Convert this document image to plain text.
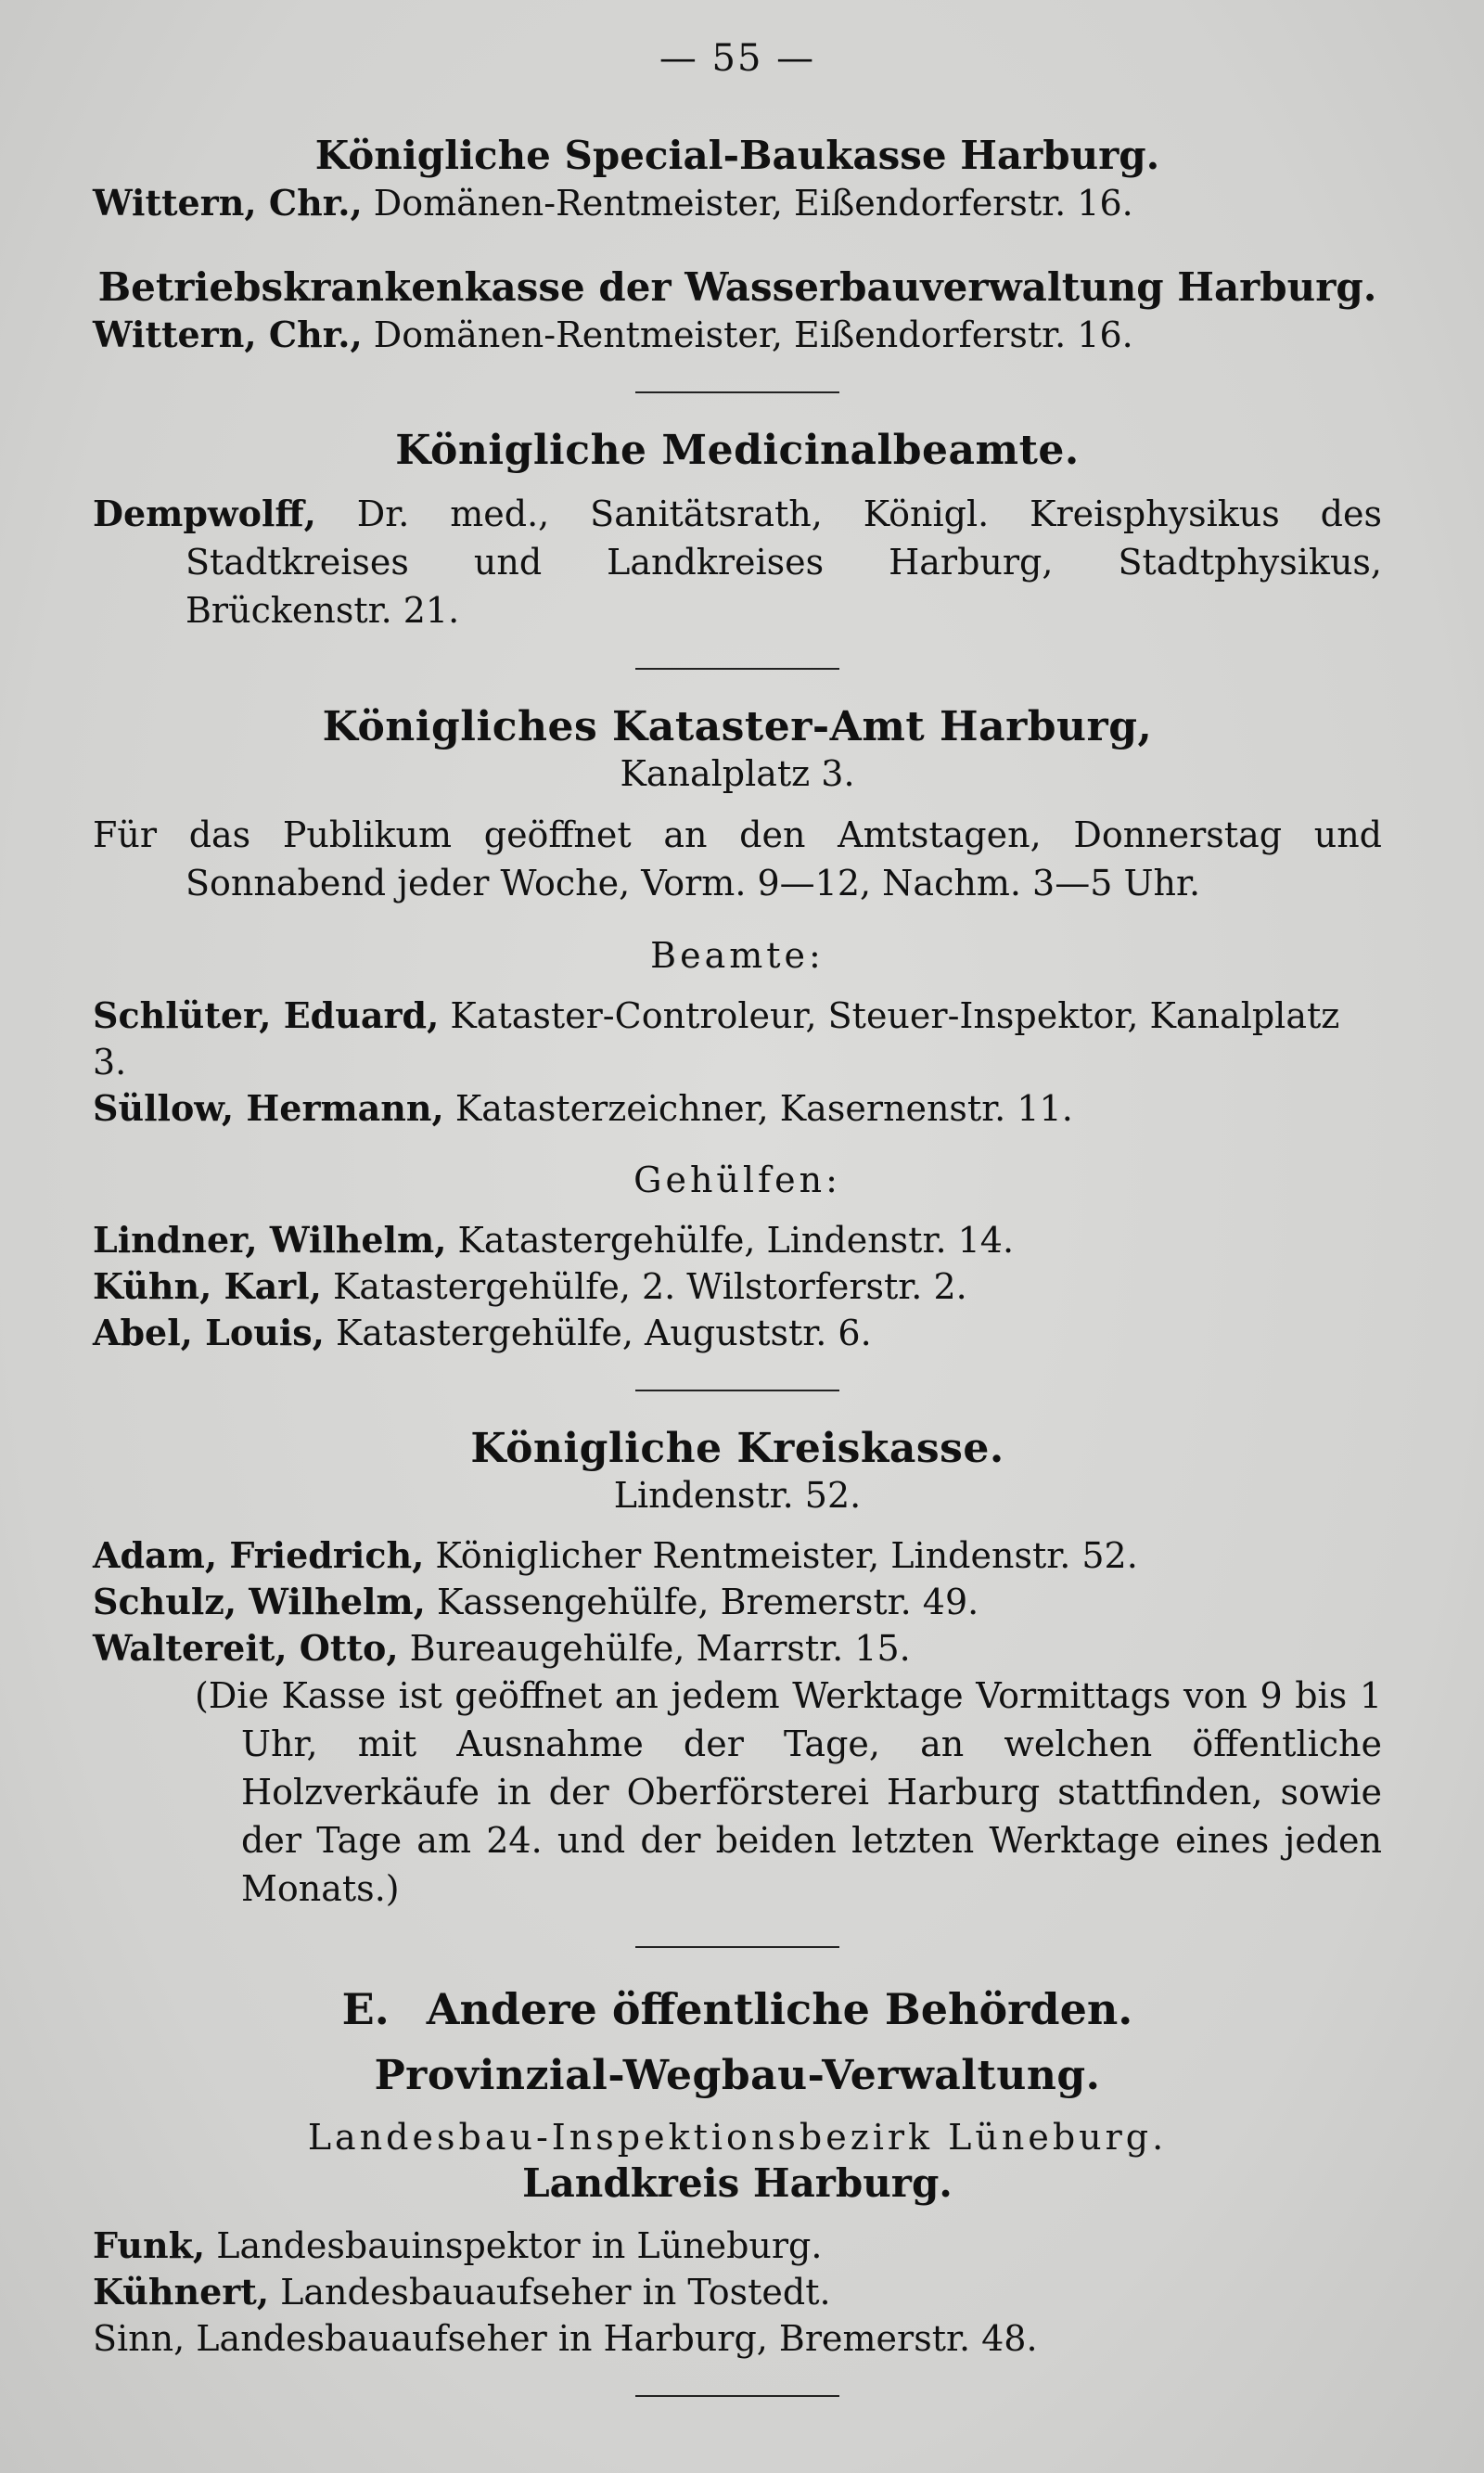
— 55 —

Königliche Special-Baukasse Harburg.

Wittern, Chr., Domänen-Rentmeister, Eißendorferstr. 16.

Betriebskrankenkasse der Wasserbauverwaltung Harburg.

Wittern, Chr., Domänen-Rentmeister, Eißendorferstr. 16.

Königliche Medicinalbeamte.

Dempwolff, Dr. med., Sanitätsrath, Königl. Kreisphysikus des Stadtkreises und Landkreises Harburg, Stadtphysikus, Brückenstr. 21.

Königliches Kataster-Amt Harburg,

Kanalplatz 3.

Für das Publikum geöffnet an den Amtstagen, Donnerstag und Sonnabend jeder Woche, Vorm. 9—12, Nachm. 3—5 Uhr.

Beamte:

Schlüter, Eduard, Kataster-Controleur, Steuer-Inspektor, Kanalplatz 3.

Süllow, Hermann, Katasterzeichner, Kasernenstr. 11.

Gehülfen:

Lindner, Wilhelm, Katastergehülfe, Lindenstr. 14.

Kühn, Karl, Katastergehülfe, 2. Wilstorferstr. 2.

Abel, Louis, Katastergehülfe, Auguststr. 6.

Königliche Kreiskasse.

Lindenstr. 52.

Adam, Friedrich, Königlicher Rentmeister, Lindenstr. 52.

Schulz, Wilhelm, Kassengehülfe, Bremerstr. 49.

Waltereit, Otto, Bureaugehülfe, Marrstr. 15.

(Die Kasse ist geöffnet an jedem Werktage Vormittags von 9 bis 1 Uhr, mit Ausnahme der Tage, an welchen öffentliche Holzverkäufe in der Oberförsterei Harburg stattfinden, sowie der Tage am 24. und der beiden letzten Werktage eines jeden Monats.)

E. Andere öffentliche Behörden.

Provinzial-Wegbau-Verwaltung.

Landesbau-Inspektionsbezirk Lüneburg.

Landkreis Harburg.

Funk, Landesbauinspektor in Lüneburg.

Kühnert, Landesbauaufseher in Tostedt.

Sinn, Landesbauaufseher in Harburg, Bremerstr. 48.
